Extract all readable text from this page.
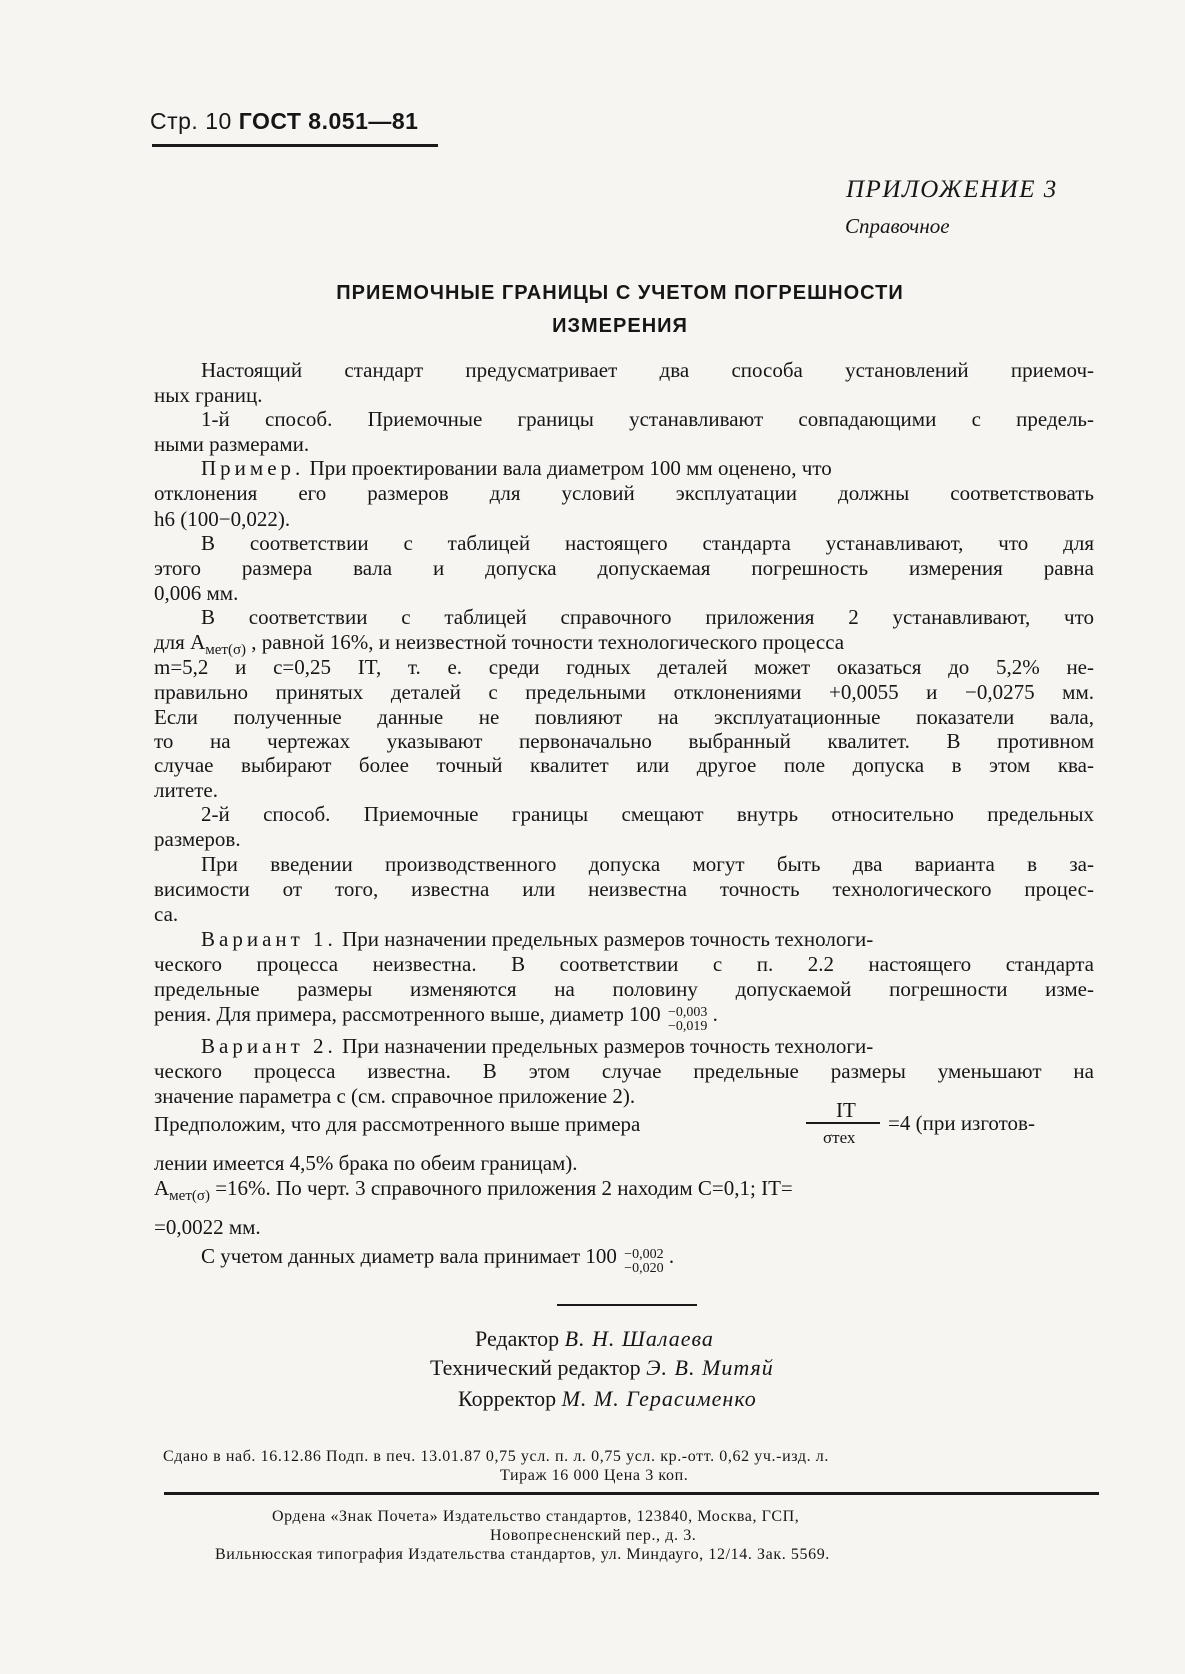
Стр. 10 ГОСТ 8.051—81
ПРИЛОЖЕНИЕ 3
Справочное
ПРИЕМОЧНЫЕ ГРАНИЦЫ С УЧЕТОМ ПОГРЕШНОСТИ
ИЗМЕРЕНИЯ
Настоящий стандарт предусматривает два способа установлений приемоч-
ных границ.
1-й способ. Приемочные границы устанавливают совпадающими с предель-
ными размерами.
Пример. При проектировании вала диаметром 100 мм оценено, что
отклонения его размеров для условий эксплуатации должны соответствовать
h6 (100−0,022).
В соответствии с таблицей настоящего стандарта устанавливают, что для
этого размера вала и допуска допускаемая погрешность измерения равна
0,006 мм.
В соответствии с таблицей справочного приложения 2 устанавливают, что
для $A_{мет(\sigma)}$ , равной 16%, и неизвестной точности технологического процесса
m=5,2 и c=0,25 IT, т. е. среди годных деталей может оказаться до 5,2% не-
правильно принятых деталей с предельными отклонениями +0,0055 и −0,0275 мм.
Если полученные данные не повлияют на эксплуатационные показатели вала,
то на чертежах указывают первоначально выбранный квалитет. В противном
случае выбирают более точный квалитет или другое поле допуска в этом ква-
литете.
2-й способ. Приемочные границы смещают внутрь относительно предельных
размеров.
При введении производственного допуска могут быть два варианта в за-
висимости от того, известна или неизвестна точность технологического процес-
са.
Вариант 1. При назначении предельных размеров точность технологи-
ческого процесса неизвестна. В соответствии с п. 2.2 настоящего стандарта
предельные размеры изменяются на половину допускаемой погрешности изме-
рения. Для примера, рассмотренного выше, диаметр 100 −0,003
−0,019
.
Вариант 2. При назначении предельных размеров точность технологи-
ческого процесса известна. В этом случае предельные размеры уменьшают на
значение параметра c (см. справочное приложение 2).
Предположим, что для рассмотренного выше примера
IT
σтех
=4 (при изготов-
лении имеется 4,5% брака по обеим границам).
$A_{мет(\sigma)} =16\%$. По черт. 3 справочного приложения 2 находим C=0,1; IT=
=0,0022 мм.
С учетом данных диаметр вала принимает 100 −0,002
−0,020
.
Редактор В. Н. Шалаева
Технический редактор Э. В. Митяй
Корректор М. М. Герасименко
Сдано в наб. 16.12.86 Подп. в печ. 13.01.87 0,75 усл. п. л. 0,75 усл. кр.-отт. 0,62 уч.-изд. л.
Тираж 16 000 Цена 3 коп.
Ордена «Знак Почета» Издательство стандартов, 123840, Москва, ГСП,
Новопресненский пер., д. 3.
Вильнюсская типография Издательства стандартов, ул. Миндауго, 12/14. Зак. 5569.
